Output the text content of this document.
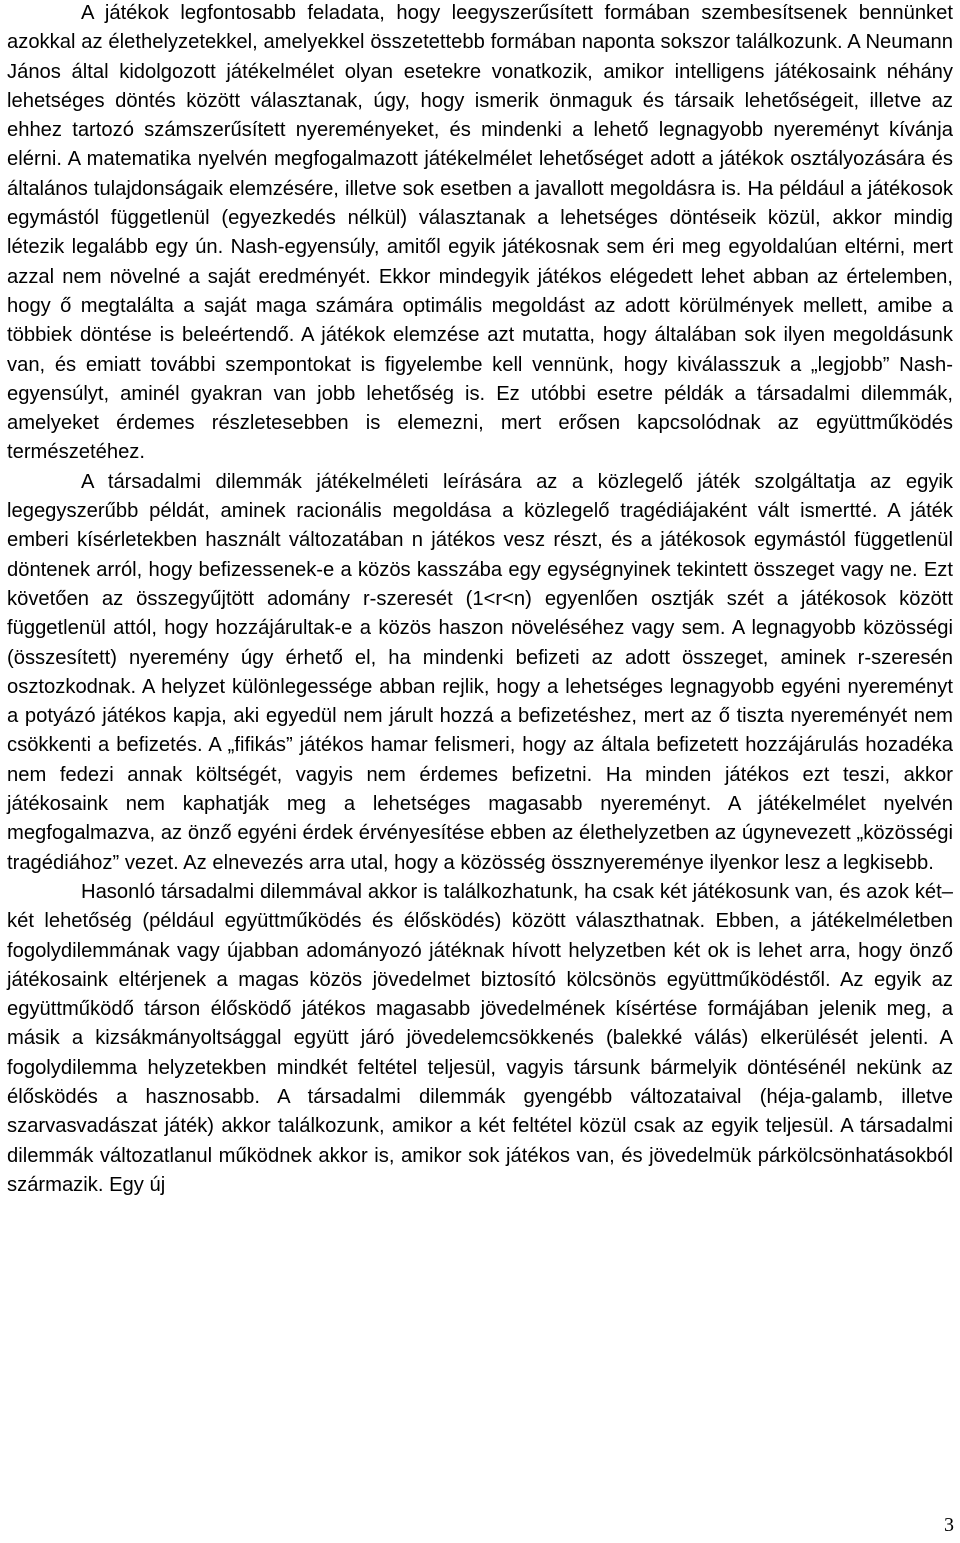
A játékok legfontosabb feladata, hogy leegyszerűsített formában szembesítsenek bennünket azokkal az élethelyzetekkel, amelyekkel összetettebb formában naponta sokszor találkozunk. A Neumann János által kidolgozott játékelmélet olyan esetekre vonatkozik, amikor intelligens játékosaink néhány lehetséges döntés között választanak, úgy, hogy ismerik önmaguk és társaik lehetőségeit, illetve az ehhez tartozó számszerűsített nyereményeket, és mindenki a lehető legnagyobb nyereményt kívánja elérni. A matematika nyelvén megfogalmazott játékelmélet lehetőséget adott a játékok osztályozására és általános tulajdonságaik elemzésére, illetve sok esetben a javallott megoldásra is. Ha például a játékosok egymástól függetlenül (egyezkedés nélkül) választanak a lehetséges döntéseik közül, akkor mindig létezik legalább egy ún. Nash-egyensúly, amitől egyik játékosnak sem éri meg egyoldalúan eltérni, mert azzal nem növelné a saját eredményét. Ekkor mindegyik játékos elégedett lehet abban az értelemben, hogy ő megtalálta a saját maga számára optimális megoldást az adott körülmények mellett, amibe a többiek döntése is beleértendő. A játékok elemzése azt mutatta, hogy általában sok ilyen megoldásunk van, és emiatt további szempontokat is figyelembe kell vennünk, hogy kiválasszuk a „legjobb” Nash-egyensúlyt, aminél gyakran van jobb lehetőség is. Ez utóbbi esetre példák a társadalmi dilemmák, amelyeket érdemes részletesebben is elemezni, mert erősen kapcsolódnak az együttműködés természetéhez.

A társadalmi dilemmák játékelméleti leírására az a közlegelő játék szolgáltatja az egyik legegyszerűbb példát, aminek racionális megoldása a közlegelő tragédiájaként vált ismertté. A játék emberi kísérletekben használt változatában n játékos vesz részt, és a játékosok egymástól függetlenül döntenek arról, hogy befizessenek-e a közös kasszába egy egységnyinek tekintett összeget vagy ne. Ezt követően az összegyűjtött adomány r-szeresét (1<r<n) egyenlően osztják szét a játékosok között függetlenül attól, hogy hozzájárultak-e a közös haszon növeléséhez vagy sem. A legnagyobb közösségi (összesített) nyeremény úgy érhető el, ha mindenki befizeti az adott összeget, aminek r-szeresén osztozkodnak. A helyzet különlegessége abban rejlik, hogy a lehetséges legnagyobb egyéni nyereményt a potyázó játékos kapja, aki egyedül nem járult hozzá a befizetéshez, mert az ő tiszta nyereményét nem csökkenti a befizetés. A „fifikás” játékos hamar felismeri, hogy az általa befizetett hozzájárulás hozadéka nem fedezi annak költségét, vagyis nem érdemes befizetni. Ha minden játékos ezt teszi, akkor játékosaink nem kaphatják meg a lehetséges magasabb nyereményt. A játékelmélet nyelvén megfogalmazva, az önző egyéni érdek érvényesítése ebben az élethelyzetben az úgynevezett „közösségi tragédiához” vezet. Az elnevezés arra utal, hogy a közösség össznyereménye ilyenkor lesz a legkisebb.

Hasonló társadalmi dilemmával akkor is találkozhatunk, ha csak két játékosunk van, és azok két–két lehetőség (például együttműködés és élősködés) között választhatnak. Ebben, a játékelméletben fogolydilemmának vagy újabban adományozó játéknak hívott helyzetben két ok is lehet arra, hogy önző játékosaink eltérjenek a magas közös jövedelmet biztosító kölcsönös együttműködéstől. Az egyik az együttműködő társon élősködő játékos magasabb jövedelmének kísértése formájában jelenik meg, a másik a kizsákmányoltsággal együtt járó jövedelemcsökkenés (balekké válás) elkerülését jelenti. A fogolydilemma helyzetekben mindkét feltétel teljesül, vagyis társunk bármelyik döntésénél nekünk az élősködés a hasznosabb. A társadalmi dilemmák gyengébb változataival (héja-galamb, illetve szarvasvadászat játék) akkor találkozunk, amikor a két feltétel közül csak az egyik teljesül. A társadalmi dilemmák változatlanul működnek akkor is, amikor sok játékos van, és jövedelmük párkölcsönhatásokból származik. Egy új

3
